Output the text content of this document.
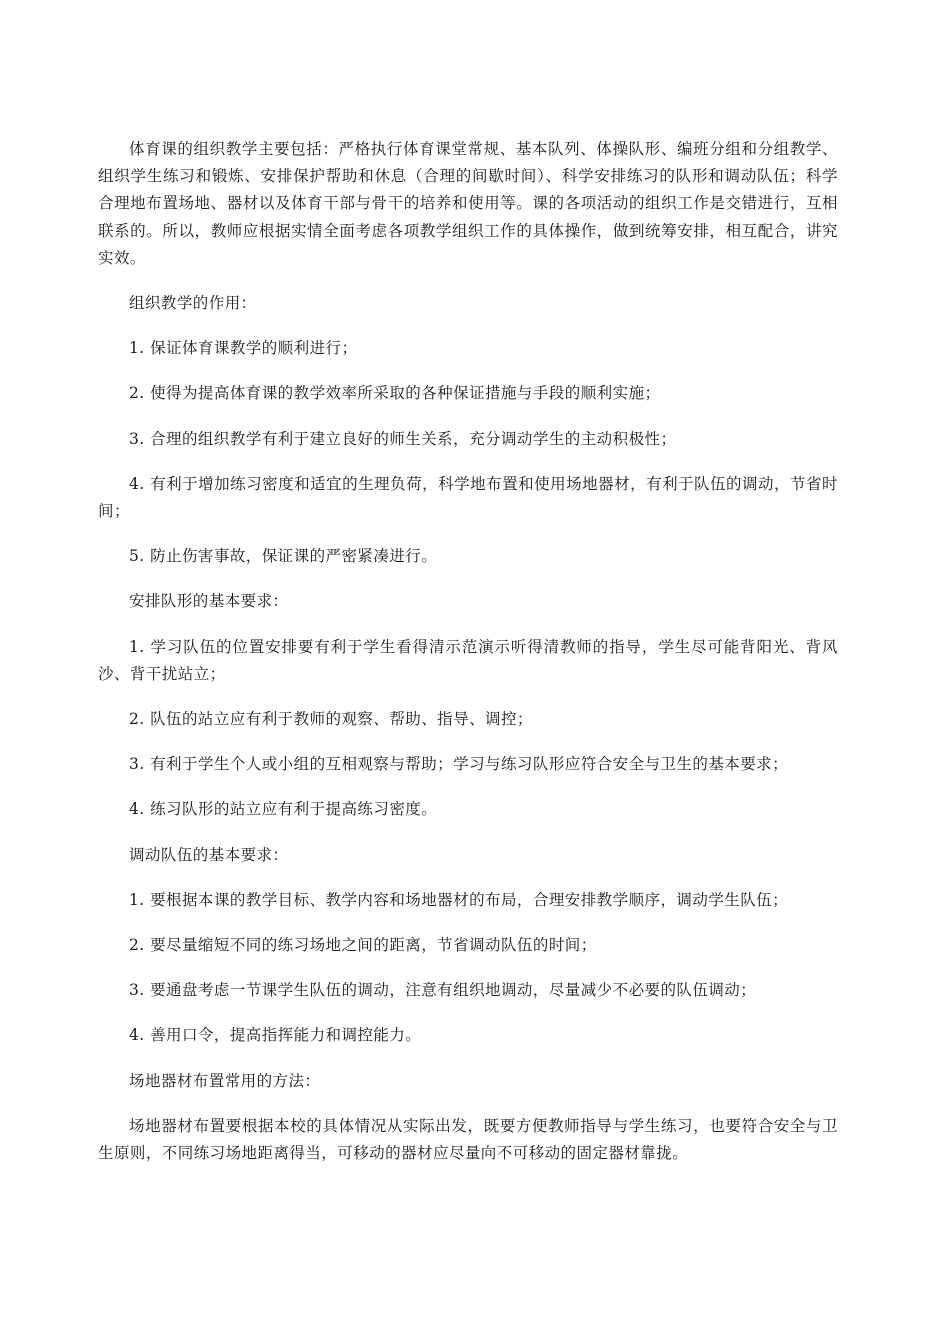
体育课的组织教学主要包括：严格执行体育课堂常规、基本队列、体操队形、编班分组和分组教学、组织学生练习和锻炼、安排保护帮助和休息（合理的间歇时间）、科学安排练习的队形和调动队伍；科学合理地布置场地、器材以及体育干部与骨干的培养和使用等。课的各项活动的组织工作是交错进行，互相联系的。所以，教师应根据实情全面考虑各项教学组织工作的具体操作，做到统筹安排，相互配合，讲究实效。

组织教学的作用：

1. 保证体育课教学的顺利进行；

2. 使得为提高体育课的教学效率所采取的各种保证措施与手段的顺利实施；

3. 合理的组织教学有利于建立良好的师生关系，充分调动学生的主动积极性；

4. 有利于增加练习密度和适宜的生理负荷，科学地布置和使用场地器材，有利于队伍的调动，节省时间；

5. 防止伤害事故，保证课的严密紧凑进行。

安排队形的基本要求：

1. 学习队伍的位置安排要有利于学生看得清示范演示听得清教师的指导，学生尽可能背阳光、背风沙、背干扰站立；

2. 队伍的站立应有利于教师的观察、帮助、指导、调控；

3. 有利于学生个人或小组的互相观察与帮助；学习与练习队形应符合安全与卫生的基本要求；

4. 练习队形的站立应有利于提高练习密度。

调动队伍的基本要求：

1. 要根据本课的教学目标、教学内容和场地器材的布局，合理安排教学顺序，调动学生队伍；

2. 要尽量缩短不同的练习场地之间的距离，节省调动队伍的时间；

3. 要通盘考虑一节课学生队伍的调动，注意有组织地调动，尽量减少不必要的队伍调动；

4. 善用口令，提高指挥能力和调控能力。

场地器材布置常用的方法：

场地器材布置要根据本校的具体情况从实际出发，既要方便教师指导与学生练习，也要符合安全与卫生原则，不同练习场地距离得当，可移动的器材应尽量向不可移动的固定器材靠拢。
